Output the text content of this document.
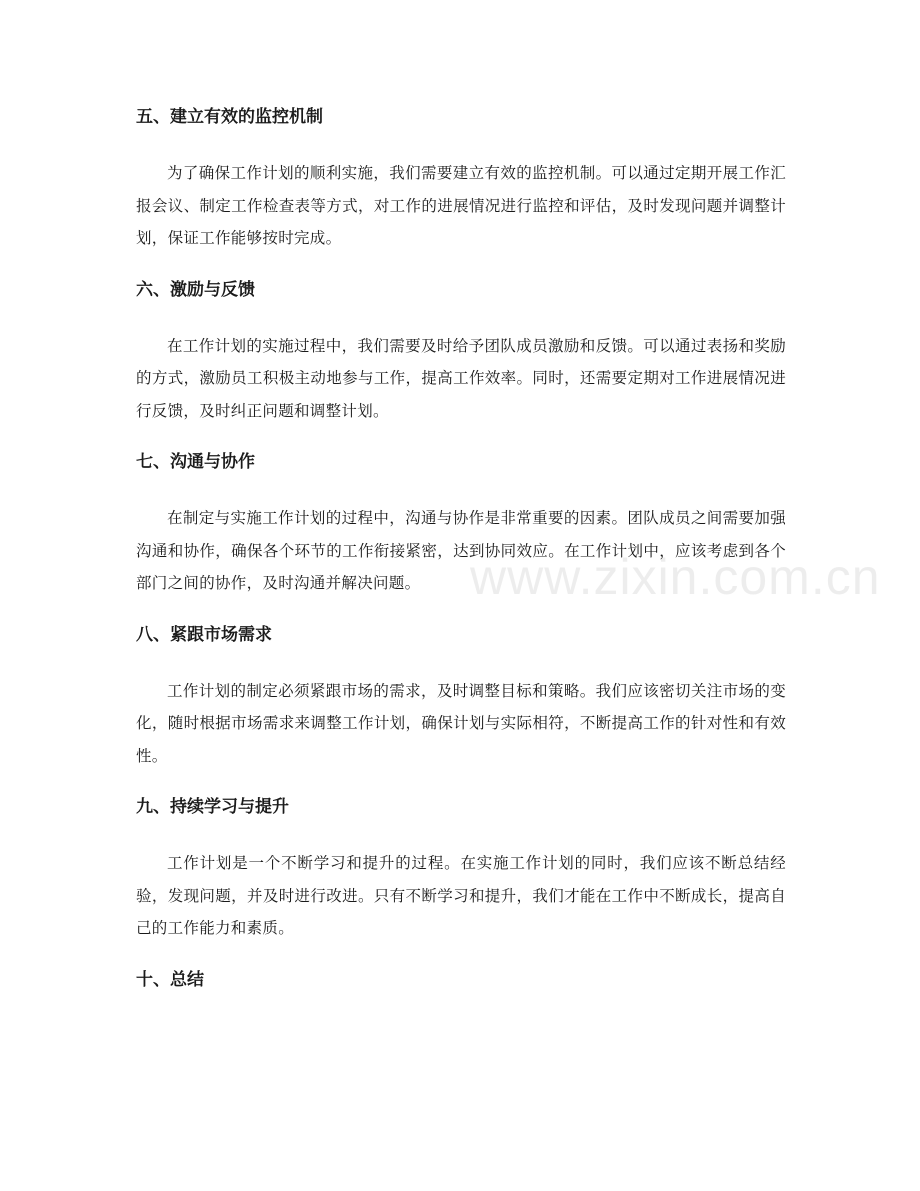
www.zixin.com.cn
五、建立有效的监控机制

为了确保工作计划的顺利实施，我们需要建立有效的监控机制。可以通过定期开展工作汇报会议、制定工作检查表等方式，对工作的进展情况进行监控和评估，及时发现问题并调整计划，保证工作能够按时完成。

六、激励与反馈

在工作计划的实施过程中，我们需要及时给予团队成员激励和反馈。可以通过表扬和奖励的方式，激励员工积极主动地参与工作，提高工作效率。同时，还需要定期对工作进展情况进行反馈，及时纠正问题和调整计划。

七、沟通与协作

在制定与实施工作计划的过程中，沟通与协作是非常重要的因素。团队成员之间需要加强沟通和协作，确保各个环节的工作衔接紧密，达到协同效应。在工作计划中，应该考虑到各个部门之间的协作，及时沟通并解决问题。

八、紧跟市场需求

工作计划的制定必须紧跟市场的需求，及时调整目标和策略。我们应该密切关注市场的变化，随时根据市场需求来调整工作计划，确保计划与实际相符，不断提高工作的针对性和有效性。

九、持续学习与提升

工作计划是一个不断学习和提升的过程。在实施工作计划的同时，我们应该不断总结经验，发现问题，并及时进行改进。只有不断学习和提升，我们才能在工作中不断成长，提高自己的工作能力和素质。

十、总结
